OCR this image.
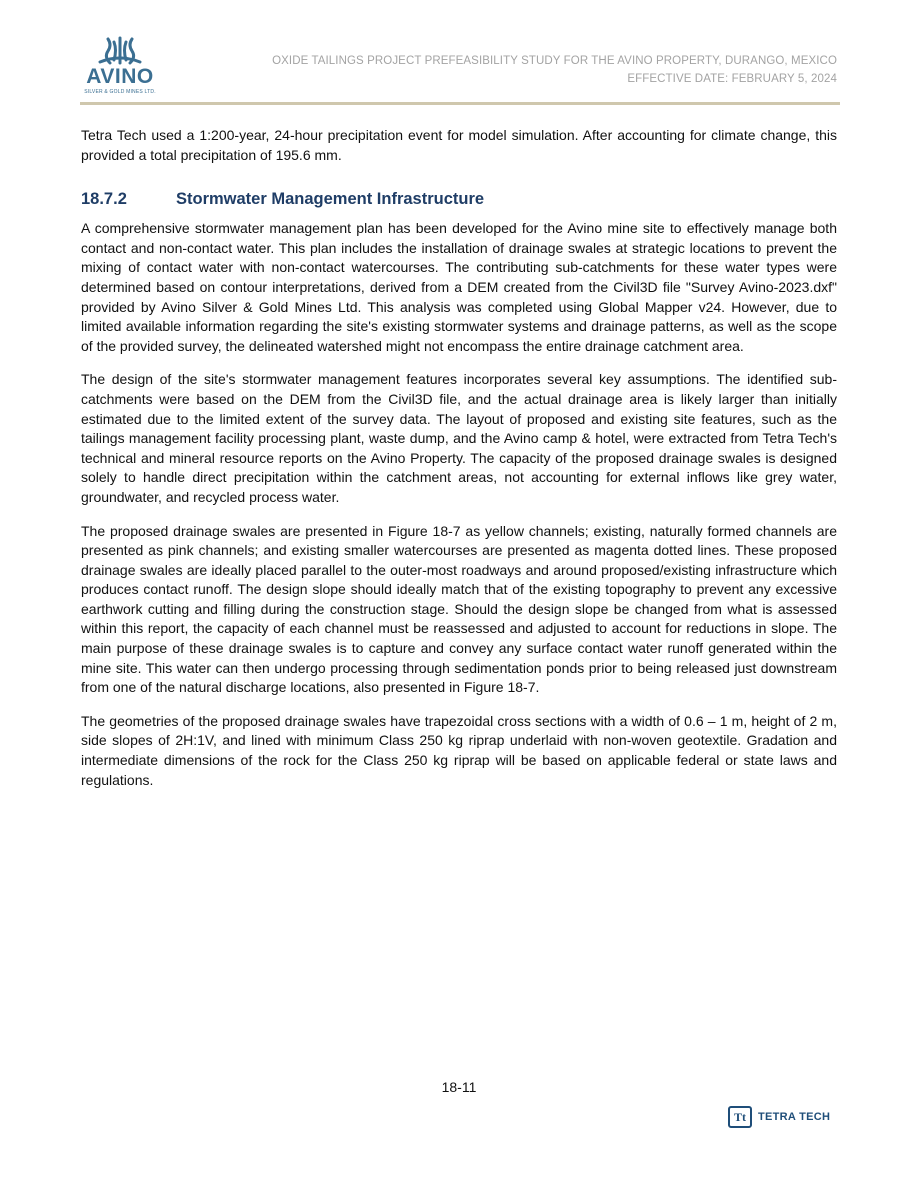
AVINO
SILVER & GOLD MINES LTD.
OXIDE TAILINGS PROJECT PREFEASIBILITY STUDY FOR THE AVINO PROPERTY, DURANGO, MEXICO
EFFECTIVE DATE: FEBRUARY 5, 2024

Tetra Tech used a 1:200-year, 24-hour precipitation event for model simulation. After accounting for climate change, this provided a total precipitation of 195.6 mm.

18.7.2	Stormwater Management Infrastructure

A comprehensive stormwater management plan has been developed for the Avino mine site to effectively manage both contact and non-contact water. This plan includes the installation of drainage swales at strategic locations to prevent the mixing of contact water with non-contact watercourses. The contributing sub-catchments for these water types were determined based on contour interpretations, derived from a DEM created from the Civil3D file "Survey Avino-2023.dxf" provided by Avino Silver & Gold Mines Ltd. This analysis was completed using Global Mapper v24. However, due to limited available information regarding the site's existing stormwater systems and drainage patterns, as well as the scope of the provided survey, the delineated watershed might not encompass the entire drainage catchment area.

The design of the site's stormwater management features incorporates several key assumptions. The identified sub-catchments were based on the DEM from the Civil3D file, and the actual drainage area is likely larger than initially estimated due to the limited extent of the survey data. The layout of proposed and existing site features, such as the tailings management facility processing plant, waste dump, and the Avino camp & hotel, were extracted from Tetra Tech's technical and mineral resource reports on the Avino Property. The capacity of the proposed drainage swales is designed solely to handle direct precipitation within the catchment areas, not accounting for external inflows like grey water, groundwater, and recycled process water.

The proposed drainage swales are presented in Figure 18-7 as yellow channels; existing, naturally formed channels are presented as pink channels; and existing smaller watercourses are presented as magenta dotted lines. These proposed drainage swales are ideally placed parallel to the outer-most roadways and around proposed/existing infrastructure which produces contact runoff. The design slope should ideally match that of the existing topography to prevent any excessive earthwork cutting and filling during the construction stage. Should the design slope be changed from what is assessed within this report, the capacity of each channel must be reassessed and adjusted to account for reductions in slope. The main purpose of these drainage swales is to capture and convey any surface contact water runoff generated within the mine site. This water can then undergo processing through sedimentation ponds prior to being released just downstream from one of the natural discharge locations, also presented in Figure 18-7.

The geometries of the proposed drainage swales have trapezoidal cross sections with a width of 0.6 – 1 m, height of 2 m, side slopes of 2H:1V, and lined with minimum Class 250 kg riprap underlaid with non-woven geotextile. Gradation and intermediate dimensions of the rock for the Class 250 kg riprap will be based on applicable federal or state laws and regulations.

18-11
Tt	TETRA TECH
